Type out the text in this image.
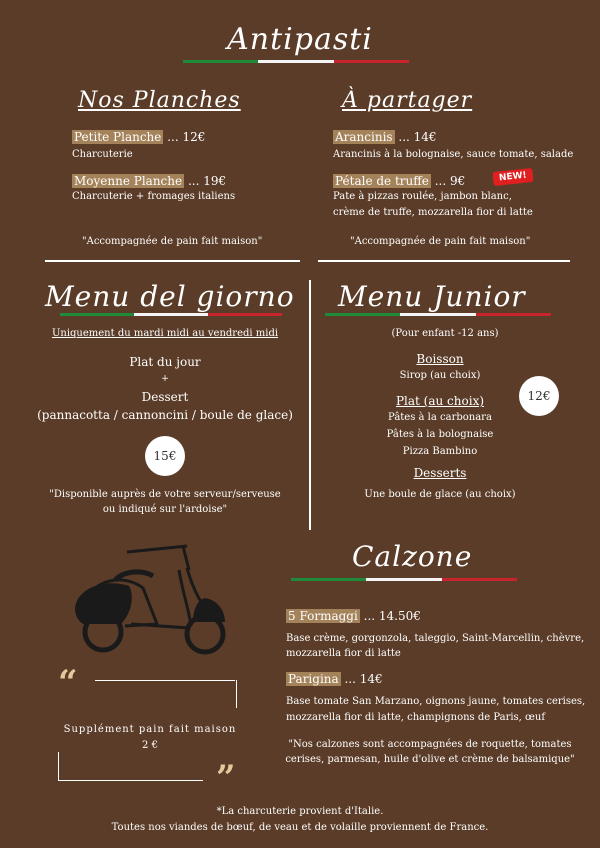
Antipasti
Nos Planches
Petite Planche ... 12€
Charcuterie
Moyenne Planche ... 19€
Charcuterie + fromages italiens
"Accompagnée de pain fait maison"
À partager
Arancinis ... 14€
Arancinis à la bolognaise, sauce tomate, salade
Pétale de truffe ... 9€	NEW!
Pate à pizzas roulée, jambon blanc,
crème de truffe, mozzarella fior di latte
"Accompagnée de pain fait maison"
Menu del giorno
Uniquement du mardi midi au vendredi midi
Plat du jour
+
Dessert
(pannacotta / cannoncini / boule de glace)
15€
"Disponible auprès de votre serveur/serveuse
ou indiqué sur l'ardoise"
Menu Junior
(Pour enfant -12 ans)
Boisson
Sirop (au choix)
Plat (au choix)
Pâtes à la carbonara
Pâtes à la bolognaise
Pizza Bambino
Desserts
Une boule de glace (au choix)
12€
“
Supplément pain fait maison
2 €
”
Calzone
5 Formaggi ... 14.50€
Base crème, gorgonzola, taleggio, Saint-Marcellin, chèvre,
mozzarella fior di latte
Parigina ... 14€
Base tomate San Marzano, oignons jaune, tomates cerises,
mozzarella fior di latte, champignons de Paris, œuf
"Nos calzones sont accompagnées de roquette, tomates
cerises, parmesan, huile d'olive et crème de balsamique"
*La charcuterie provient d'Italie.
Toutes nos viandes de bœuf, de veau et de volaille proviennent de France.
